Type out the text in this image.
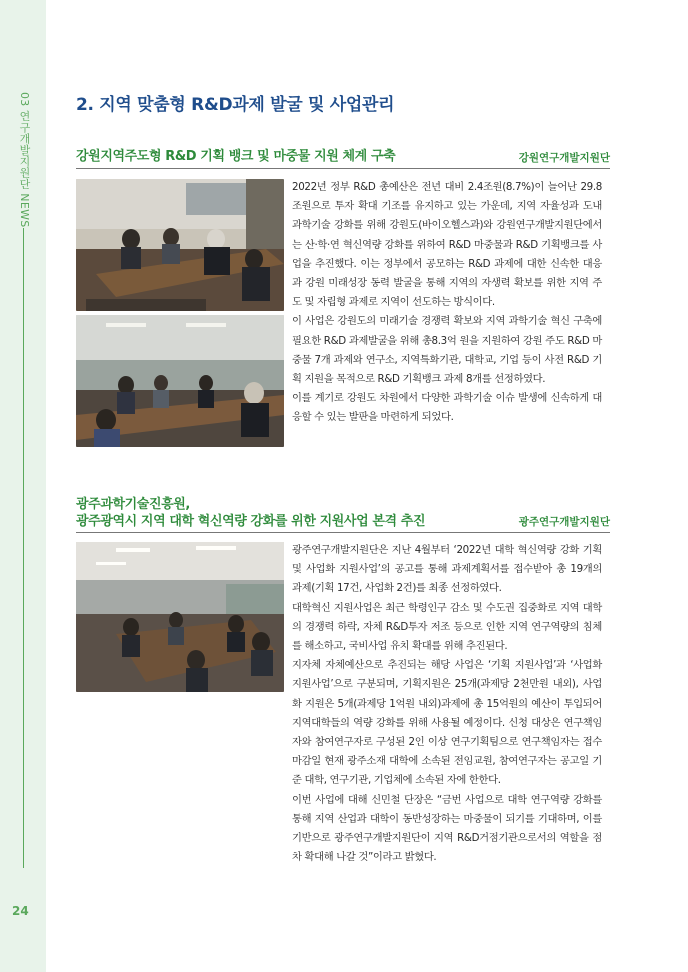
03 연구개발지원단 NEWS
24
2. 지역 맞춤형 R&D과제 발굴 및 사업관리
강원지역주도형 R&D 기획 뱅크 및 마중물 지원 체계 구축	강원연구개발지원단

2022년 정부 R&D 총예산은 전년 대비 2.4조원(8.7%)이 늘어난 29.8조원으로 투자 확대 기조를 유지하고 있는 가운데, 지역 자율성과 도내 과학기술 강화를 위해 강원도(바이오헬스과)와 강원연구개발지원단에서는 산·학·연 혁신역량 강화를 위하여 R&D 마중물과 R&D 기획뱅크를 사업을 추진했다. 이는 정부에서 공모하는 R&D 과제에 대한 신속한 대응과 강원 미래성장 동력 발굴을 통해 지역의 자생력 확보를 위한 지역 주도 및 자립형 과제로 지역이 선도하는 방식이다.

이 사업은 강원도의 미래기술 경쟁력 확보와 지역 과학기술 혁신 구축에 필요한 R&D 과제발굴을 위해 총8.3억 원을 지원하여 강원 주도 R&D 마중물 7개 과제와 연구소, 지역특화기관, 대학교, 기업 등이 사전 R&D 기획 지원을 목적으로 R&D 기획뱅크 과제 8개를 선정하였다.

이를 계기로 강원도 차원에서 다양한 과학기술 이슈 발생에 신속하게 대응할 수 있는 발판을 마련하게 되었다.

광주과학기술진흥원,
광주광역시 지역 대학 혁신역량 강화를 위한 지원사업 본격 추진	광주연구개발지원단

광주연구개발지원단은 지난 4월부터 ‘2022년 대학 혁신역량 강화 기획 및 사업화 지원사업’의 공고를 통해 과제계획서를 접수받아 총 19개의 과제(기획 17건, 사업화 2건)를 최종 선정하였다.

대학혁신 지원사업은 최근 학령인구 감소 및 수도권 집중화로 지역 대학의 경쟁력 하락, 자체 R&D투자 저조 등으로 인한 지역 연구역량의 침체를 해소하고, 국비사업 유치 확대를 위해 추진된다.

지자체 자체예산으로 추진되는 해당 사업은 ‘기획 지원사업’과 ‘사업화 지원사업’으로 구분되며, 기획지원은 25개(과제당 2천만원 내외), 사업화 지원은 5개(과제당 1억원 내외)과제에 총 15억원의 예산이 투입되어 지역대학들의 역량 강화를 위해 사용될 예정이다. 신청 대상은 연구책임자와 참여연구자로 구성된 2인 이상 연구기획팀으로 연구책임자는 접수 마감일 현재 광주소재 대학에 소속된 전임교원, 참여연구자는 공고일 기준 대학, 연구기관, 기업체에 소속된 자에 한한다.

이번 사업에 대해 신민철 단장은 “금번 사업으로 대학 연구역량 강화를 통해 지역 산업과 대학이 동반성장하는 마중물이 되기를 기대하며, 이를 기반으로 광주연구개발지원단이 지역 R&D거점기관으로서의 역할을 점차 확대해 나갈 것”이라고 밝혔다.
